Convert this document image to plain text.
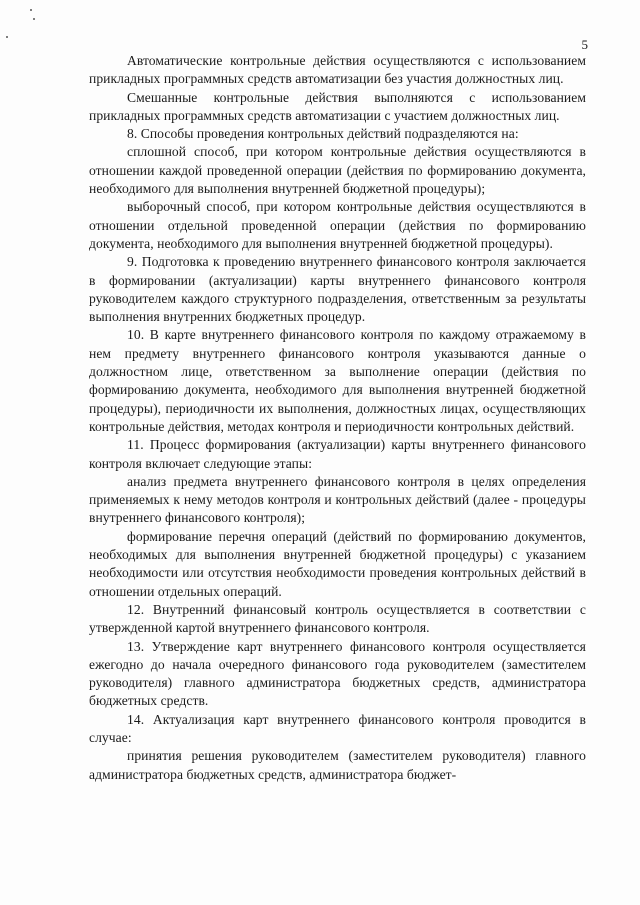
5

Автоматические контрольные действия осуществляются с использованием прикладных программных средств автоматизации без участия должностных лиц.

Смешанные контрольные действия выполняются с использованием прикладных программных средств автоматизации с участием должностных лиц.

8. Способы проведения контрольных действий подразделяются на:

сплошной способ, при котором контрольные действия осуществляются в отношении каждой проведенной операции (действия по формированию документа, необходимого для выполнения внутренней бюджетной процедуры);

выборочный способ, при котором контрольные действия осуществляются в отношении отдельной проведенной операции (действия по формированию документа, необходимого для выполнения внутренней бюджетной процедуры).

9. Подготовка к проведению внутреннего финансового контроля заключается в формировании (актуализации) карты внутреннего финансового контроля руководителем каждого структурного подразделения, ответственным за результаты выполнения внутренних бюджетных процедур.

10. В карте внутреннего финансового контроля по каждому отражаемому в нем предмету внутреннего финансового контроля указываются данные о должностном лице, ответственном за выполнение операции (действия по формированию документа, необходимого для выполнения внутренней бюджетной процедуры), периодичности их выполнения, должностных лицах, осуществляющих контрольные действия, методах контроля и периодичности контрольных действий.

11. Процесс формирования (актуализации) карты внутреннего финансового контроля включает следующие этапы:

анализ предмета внутреннего финансового контроля в целях определения применяемых к нему методов контроля и контрольных действий (далее - процедуры внутреннего финансового контроля);

формирование перечня операций (действий по формированию документов, необходимых для выполнения внутренней бюджетной процедуры) с указанием необходимости или отсутствия необходимости проведения контрольных действий в отношении отдельных операций.

12. Внутренний финансовый контроль осуществляется в соответствии с утвержденной картой внутреннего финансового контроля.

13. Утверждение карт внутреннего финансового контроля осуществляется ежегодно до начала очередного финансового года руководителем (заместителем руководителя) главного администратора бюджетных средств, администратора бюджетных средств.

14. Актуализация карт внутреннего финансового контроля проводится в случае:

принятия решения руководителем (заместителем руководителя) главного администратора бюджетных средств, администратора бюджет-
